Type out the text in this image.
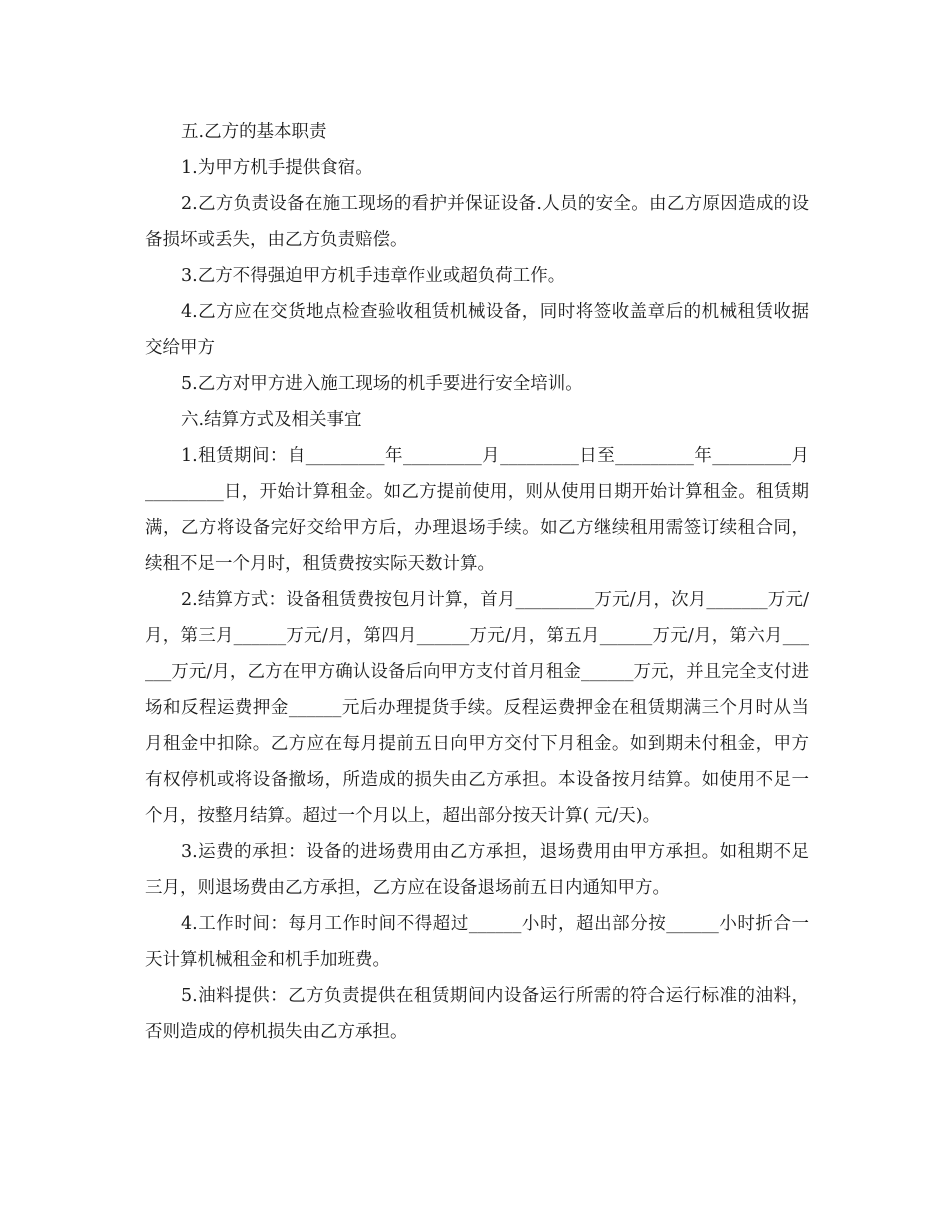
五.乙方的基本职责

1.为甲方机手提供食宿。

2.乙方负责设备在施工现场的看护并保证设备.人员的安全。由乙方原因造成的设备损坏或丢失，由乙方负责赔偿。

3.乙方不得强迫甲方机手违章作业或超负荷工作。

4.乙方应在交货地点检查验收租赁机械设备，同时将签收盖章后的机械租赁收据交给甲方

5.乙方对甲方进入施工现场的机手要进行安全培训。

六.结算方式及相关事宜

1.租赁期间：自_________年_________月_________日至_________年_________月_________日，开始计算租金。如乙方提前使用，则从使用日期开始计算租金。租赁期满，乙方将设备完好交给甲方后，办理退场手续。如乙方继续租用需签订续租合同，续租不足一个月时，租赁费按实际天数计算。

2.结算方式：设备租赁费按包月计算，首月_________万元/月，次月_______万元/月，第三月______万元/月，第四月______万元/月，第五月______万元/月，第六月______万元/月，乙方在甲方确认设备后向甲方支付首月租金______万元，并且完全支付进场和反程运费押金______元后办理提货手续。反程运费押金在租赁期满三个月时从当月租金中扣除。乙方应在每月提前五日向甲方交付下月租金。如到期未付租金，甲方有权停机或将设备撤场，所造成的损失由乙方承担。本设备按月结算。如使用不足一个月，按整月结算。超过一个月以上，超出部分按天计算( 元/天)。

3.运费的承担：设备的进场费用由乙方承担，退场费用由甲方承担。如租期不足三月，则退场费由乙方承担，乙方应在设备退场前五日内通知甲方。

4.工作时间：每月工作时间不得超过______小时，超出部分按______小时折合一天计算机械租金和机手加班费。

5.油料提供：乙方负责提供在租赁期间内设备运行所需的符合运行标准的油料，否则造成的停机损失由乙方承担。
